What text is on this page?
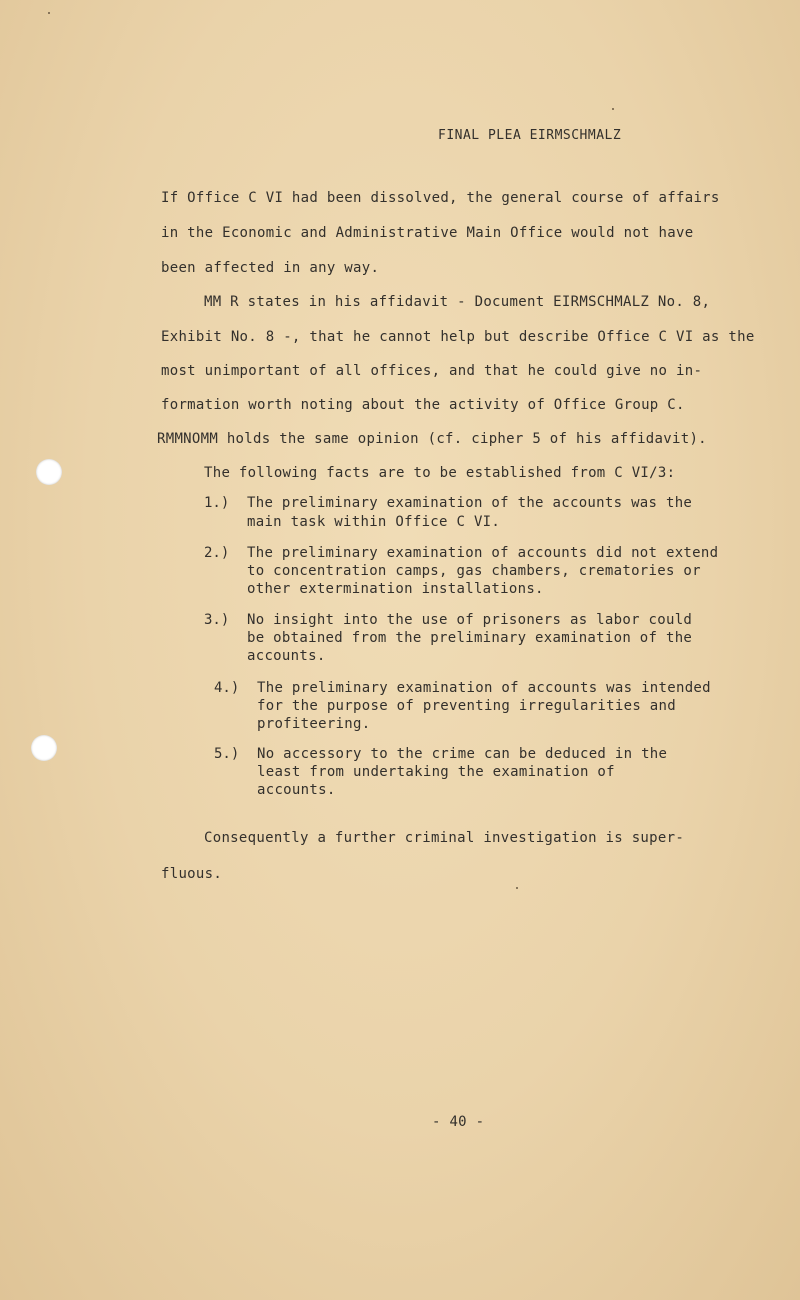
FINAL PLEA EIRMSCHMALZ
If Office C VI had been dissolved, the general course of affairs
in the Economic and Administrative Main Office would not have
been affected in any way.
MM R states in his affidavit - Document EIRMSCHMALZ No. 8,
Exhibit No. 8 -, that he cannot help but describe Office C VI as the
most unimportant of all offices, and that he could give no in-
formation worth noting about the activity of Office Group C.
RMMNOMM holds the same opinion (cf. cipher 5 of his affidavit).
The following facts are to be established from C VI/3:
1.) The preliminary examination of the accounts was the
main task within Office C VI.
2.) The preliminary examination of accounts did not extend
to concentration camps, gas chambers, crematories or
other extermination installations.
3.) No insight into the use of prisoners as labor could
be obtained from the preliminary examination of the
accounts.
4.) The preliminary examination of accounts was intended
for the purpose of preventing irregularities and
profiteering.
5.) No accessory to the crime can be deduced in the
least from undertaking the examination of
accounts.
Consequently a further criminal investigation is super-
fluous.
- 40 -
